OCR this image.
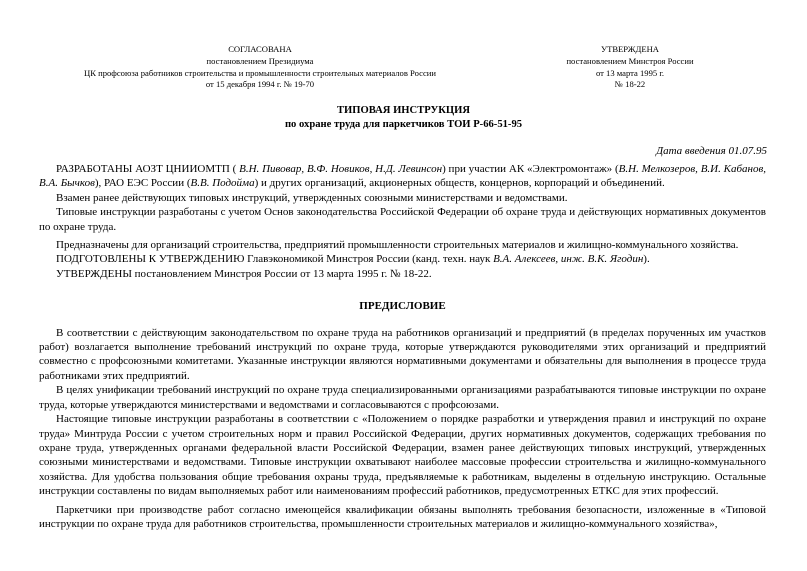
СОГЛАСОВАНА
постановлением Президиума
ЦК профсоюза работников строительства и промышленности строительных материалов России
от 15 декабря 1994 г. № 19-70
УТВЕРЖДЕНА
постановлением Минстроя России
от 13 марта 1995 г.
№ 18-22
ТИПОВАЯ ИНСТРУКЦИЯ
по охране труда для паркетчиков ТОИ Р-66-51-95
Дата введения 01.07.95

РАЗРАБОТАНЫ АОЗТ ЦНИИОМТП ( В.Н. Пивовар, В.Ф. Новиков, Н.Д. Левинсон) при участии АК «Электромонтаж» (В.Н. Мелкозеров, В.И. Кабанов, В.А. Бычков), РАО ЕЭС России (В.В. Подойма) и других организаций, акционерных обществ, концернов, корпораций и объединений.

Взамен ранее действующих типовых инструкций, утвержденных союзными министерствами и ведомствами.

Типовые инструкции разработаны с учетом Основ законодательства Российской Федерации об охране труда и действующих нормативных документов по охране труда.

Предназначены для организаций строительства, предприятий промышленности строительных материалов и жилищно-коммунального хозяйства.

ПОДГОТОВЛЕНЫ К УТВЕРЖДЕНИЮ Главэкономикой Минстроя России (канд. техн. наук В.А. Алексеев, инж. В.К. Ягодин).

УТВЕРЖДЕНЫ постановлением Минстроя России от 13 марта 1995 г. № 18-22.

ПРЕДИСЛОВИЕ

В соответствии с действующим законодательством по охране труда на работников организаций и предприятий (в пределах порученных им участков работ) возлагается выполнение требований инструкций по охране труда, которые утверждаются руководителями этих организаций и предприятий совместно с профсоюзными комитетами. Указанные инструкции являются нормативными документами и обязательны для выполнения в процессе труда работниками этих предприятий.

В целях унификации требований инструкций по охране труда специализированными организациями разрабатываются типовые инструкции по охране труда, которые утверждаются министерствами и ведомствами и согласовываются с профсоюзами.

Настоящие типовые инструкции разработаны в соответствии с «Положением о порядке разработки и утверждения правил и инструкций по охране труда» Минтруда России с учетом строительных норм и правил Российской Федерации, других нормативных документов, содержащих требования по охране труда, утвержденных органами федеральной власти Российской Федерации, взамен ранее действующих типовых инструкций, утвержденных союзными министерствами и ведомствами. Типовые инструкции охватывают наиболее массовые профессии строительства и жилищно-коммунального хозяйства. Для удобства пользования общие требования охраны труда, предъявляемые к работникам, выделены в отдельную инструкцию. Остальные инструкции составлены по видам выполняемых работ или наименованиям профессий работников, предусмотренных ЕТКС для этих профессий.

Паркетчики при производстве работ согласно имеющейся квалификации обязаны выполнять требования безопасности, изложенные в «Типовой инструкции по охране труда для работников строительства, промышленности строительных материалов и жилищно-коммунального хозяйства»,
